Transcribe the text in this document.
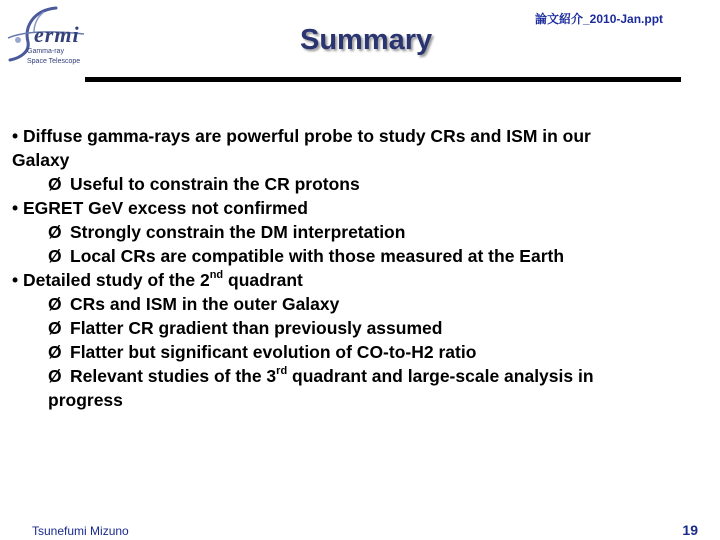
ermi
Gamma-ray
Space Telescope
Summary
論文紹介_2010-Jan.ppt
• Diffuse gamma-rays are powerful probe to study CRs and ISM in our
Galaxy
Ø Useful to constrain the CR protons
• EGRET GeV excess not confirmed
Ø Strongly constrain the DM interpretation
Ø Local CRs are compatible with those measured at the Earth
• Detailed study of the 2nd quadrant
Ø CRs and ISM in the outer Galaxy
Ø Flatter CR gradient than previously assumed
Ø Flatter but significant evolution of CO-to-H2 ratio
Ø Relevant studies of the 3rd quadrant and large-scale analysis in
progress
Tsunefumi Mizuno	19
